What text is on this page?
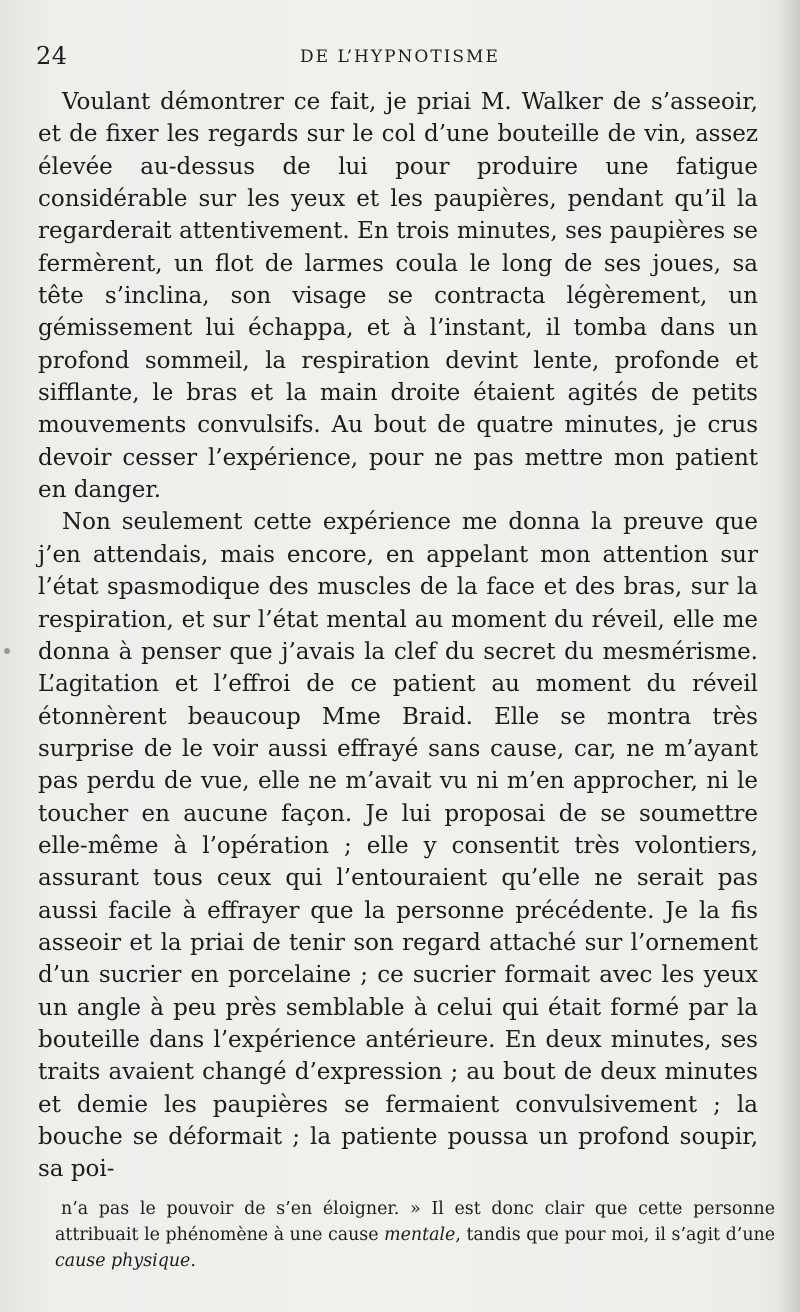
24	DE L’HYPNOTISME

Voulant démontrer ce fait, je priai M. Walker de s’asseoir, et de fixer les regards sur le col d’une bouteille de vin, assez élevée au-dessus de lui pour produire une fatigue considérable sur les yeux et les paupières, pendant qu’il la regarderait attentivement. En trois minutes, ses paupières se fermèrent, un flot de larmes coula le long de ses joues, sa tête s’inclina, son visage se contracta légèrement, un gémissement lui échappa, et à l’instant, il tomba dans un profond sommeil, la respiration devint lente, profonde et sifflante, le bras et la main droite étaient agités de petits mouvements convulsifs. Au bout de quatre minutes, je crus devoir cesser l’expérience, pour ne pas mettre mon patient en danger.

Non seulement cette expérience me donna la preuve que j’en attendais, mais encore, en appelant mon attention sur l’état spasmodique des muscles de la face et des bras, sur la respiration, et sur l’état mental au moment du réveil, elle me donna à penser que j’avais la clef du secret du mesmérisme. L’agitation et l’effroi de ce patient au moment du réveil étonnèrent beaucoup Mme Braid. Elle se montra très surprise de le voir aussi effrayé sans cause, car, ne m’ayant pas perdu de vue, elle ne m’avait vu ni m’en approcher, ni le toucher en aucune façon. Je lui proposai de se soumettre elle-même à l’opération ; elle y consentit très volontiers, assurant tous ceux qui l’entouraient qu’elle ne serait pas aussi facile à effrayer que la personne précédente. Je la fis asseoir et la priai de tenir son regard attaché sur l’ornement d’un sucrier en porcelaine ; ce sucrier formait avec les yeux un angle à peu près semblable à celui qui était formé par la bouteille dans l’expérience antérieure. En deux minutes, ses traits avaient changé d’expression ; au bout de deux minutes et demie les paupières se fermaient convulsivement ; la bouche se déformait ; la patiente poussa un profond soupir, sa poi-

n’a pas le pouvoir de s’en éloigner. » Il est donc clair que cette personne attribuait le phénomène à une cause mentale, tandis que pour moi, il s’agit d’une cause physique.
